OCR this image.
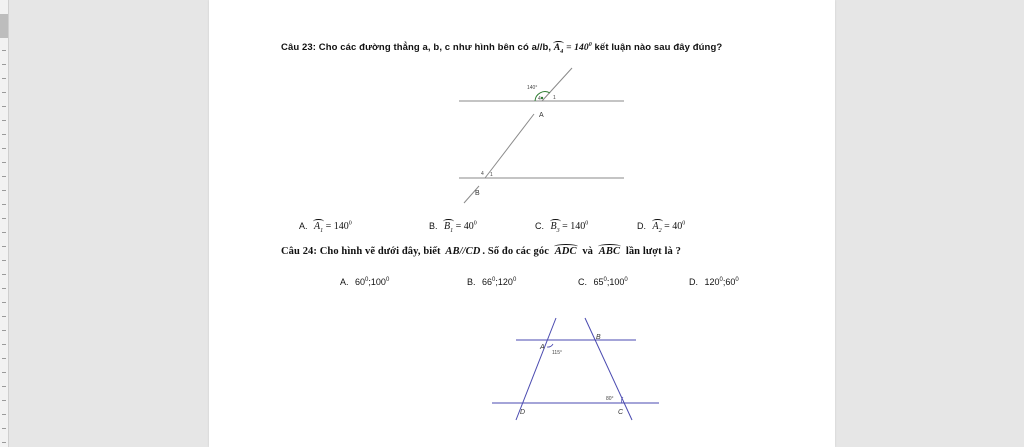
Câu 23: Cho các đường thẳng a, b, c như hình bên có a//b, $A_4 = 140^0$ kết luận nào sau đây đúng?
140°
4 1
A
4 1
B
A. $A_1 = 140^0$	B. $B_1 = 40^0$	C. $B_3 = 140^0$	D. $A_2 = 40^0$
Câu 24: Cho hình vẽ dưới đây, biết AB//CD . Số đo các góc ADC và ABC lần lượt là ?
A. $60^0;100^0$	B. $66^0;120^0$	C. $65^0;100^0$	D. $120^0;60^0$
A
B
C
D
115°
80°
